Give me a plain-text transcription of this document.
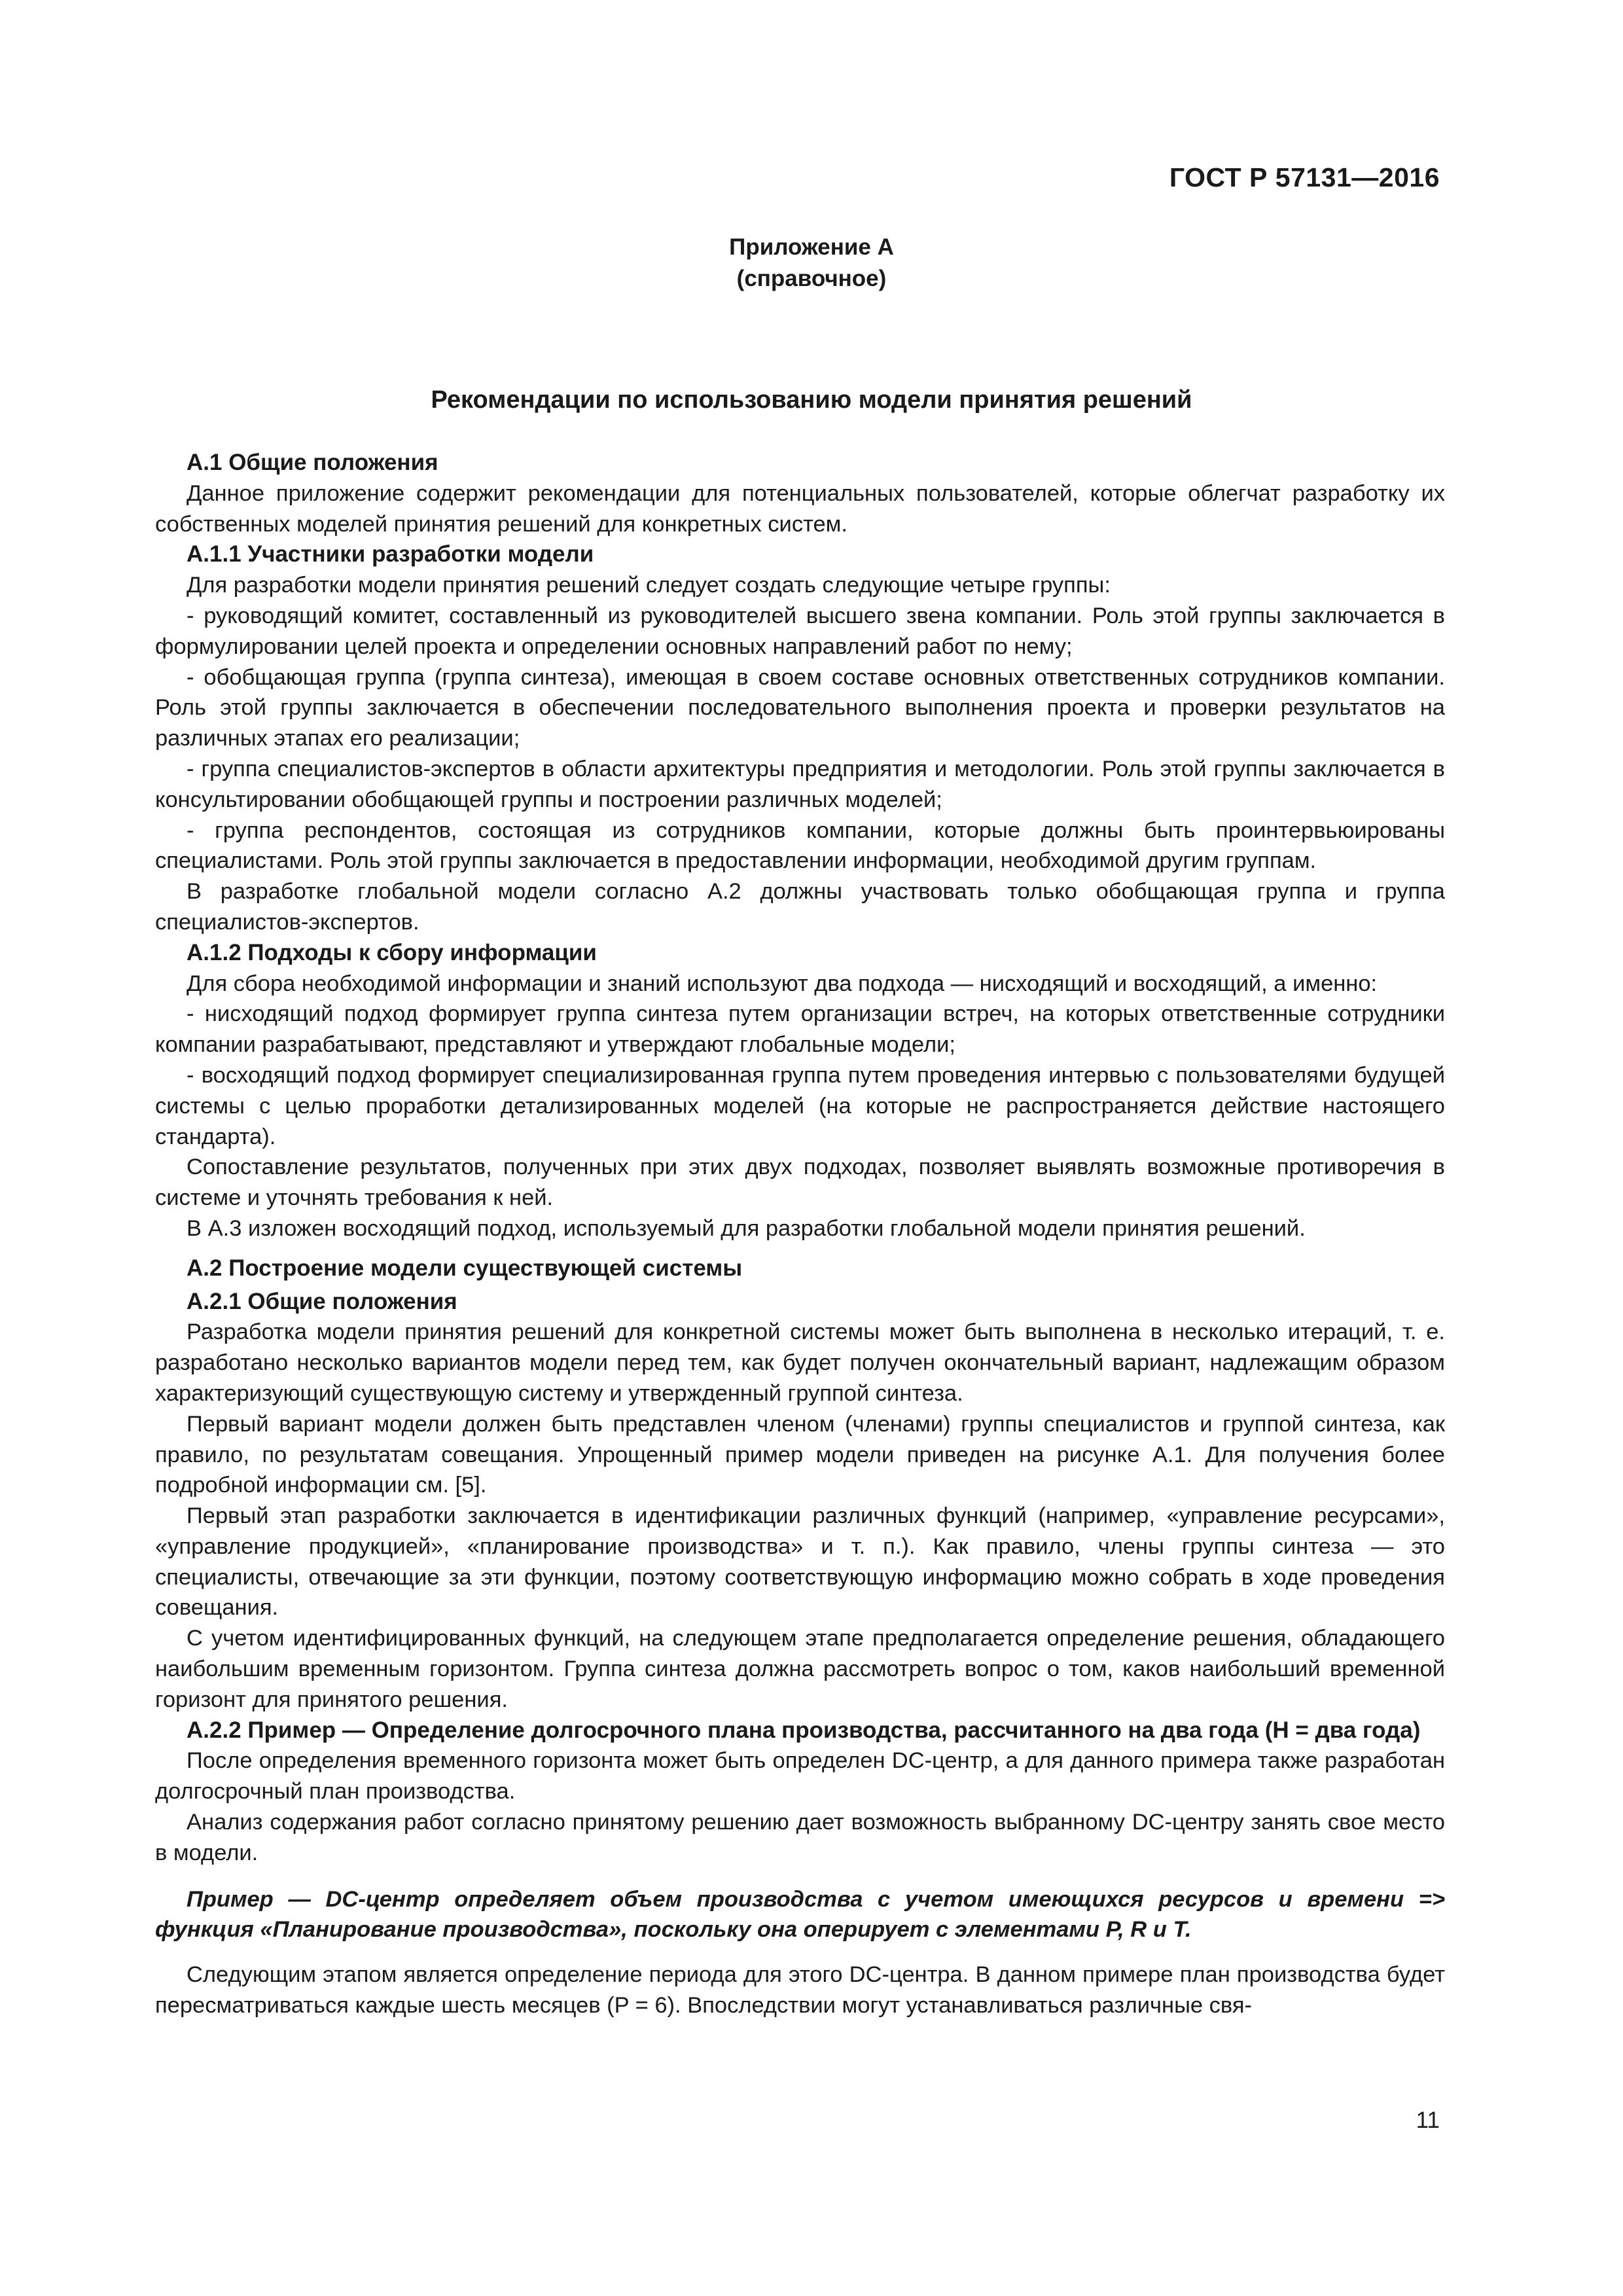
ГОСТ Р 57131—2016
Приложение А
(справочное)
Рекомендации по использованию модели принятия решений
А.1 Общие положения

Данное приложение содержит рекомендации для потенциальных пользователей, которые облегчат разработку их собственных моделей принятия решений для конкретных систем.

А.1.1 Участники разработки модели

Для разработки модели принятия решений следует создать следующие четыре группы:

- руководящий комитет, составленный из руководителей высшего звена компании. Роль этой группы заключается в формулировании целей проекта и определении основных направлений работ по нему;

- обобщающая группа (группа синтеза), имеющая в своем составе основных ответственных сотрудников компании. Роль этой группы заключается в обеспечении последовательного выполнения проекта и проверки результатов на различных этапах его реализации;

- группа специалистов-экспертов в области архитектуры предприятия и методологии. Роль этой группы заключается в консультировании обобщающей группы и построении различных моделей;

- группа респондентов, состоящая из сотрудников компании, которые должны быть проинтервьюированы специалистами. Роль этой группы заключается в предоставлении информации, необходимой другим группам.

В разработке глобальной модели согласно А.2 должны участвовать только обобщающая группа и группа специалистов-экспертов.

А.1.2 Подходы к сбору информации

Для сбора необходимой информации и знаний используют два подхода — нисходящий и восходящий, а именно:

- нисходящий подход формирует группа синтеза путем организации встреч, на которых ответственные сотрудники компании разрабатывают, представляют и утверждают глобальные модели;

- восходящий подход формирует специализированная группа путем проведения интервью с пользователями будущей системы с целью проработки детализированных моделей (на которые не распространяется действие настоящего стандарта).

Сопоставление результатов, полученных при этих двух подходах, позволяет выявлять возможные противоречия в системе и уточнять требования к ней.

В А.3 изложен восходящий подход, используемый для разработки глобальной модели принятия решений.

А.2 Построение модели существующей системы
А.2.1 Общие положения

Разработка модели принятия решений для конкретной системы может быть выполнена в несколько итераций, т. е. разработано несколько вариантов модели перед тем, как будет получен окончательный вариант, надлежащим образом характеризующий существующую систему и утвержденный группой синтеза.

Первый вариант модели должен быть представлен членом (членами) группы специалистов и группой синтеза, как правило, по результатам совещания. Упрощенный пример модели приведен на рисунке А.1. Для получения более подробной информации см. [5].

Первый этап разработки заключается в идентификации различных функций (например, «управление ресурсами», «управление продукцией», «планирование производства» и т. п.). Как правило, члены группы синтеза — это специалисты, отвечающие за эти функции, поэтому соответствующую информацию можно собрать в ходе проведения совещания.

С учетом идентифицированных функций, на следующем этапе предполагается определение решения, обладающего наибольшим временным горизонтом. Группа синтеза должна рассмотреть вопрос о том, каков наибольший временной горизонт для принятого решения.

А.2.2 Пример — Определение долгосрочного плана производства, рассчитанного на два года (H = два года)

После определения временного горизонта может быть определен DC-центр, а для данного примера также разработан долгосрочный план производства.

Анализ содержания работ согласно принятому решению дает возможность выбранному DC-центру занять свое место в модели.

Пример — DC-центр определяет объем производства с учетом имеющихся ресурсов и времени => функция «Планирование производства», поскольку она оперирует с элементами P, R и T.

Следующим этапом является определение периода для этого DC-центра. В данном примере план производства будет пересматриваться каждые шесть месяцев (P = 6). Впоследствии могут устанавливаться различные свя-

11
